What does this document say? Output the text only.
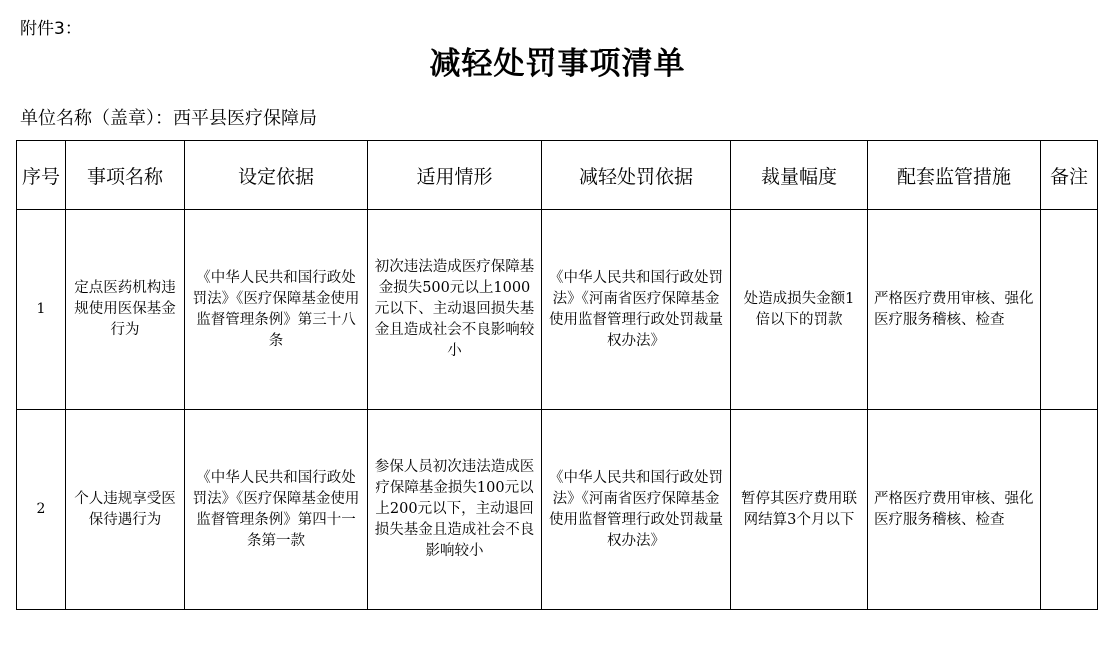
附件3：
减轻处罚事项清单
单位名称（盖章）：西平县医疗保障局
序号	事项名称	设定依据	适用情形	减轻处罚依据	裁量幅度	配套监管措施	备注
1	定点医药机构违规使用医保基金行为	《中华人民共和国行政处罚法》《医疗保障基金使用监督管理条例》第三十八条	初次违法造成医疗保障基金损失500元以上1000元以下、主动退回损失基金且造成社会不良影响较小	《中华人民共和国行政处罚法》《河南省医疗保障基金使用监督管理行政处罚裁量权办法》	处造成损失金额1倍以下的罚款	严格医疗费用审核、强化医疗服务稽核、检查	
2	个人违规享受医保待遇行为	《中华人民共和国行政处罚法》《医疗保障基金使用监督管理条例》第四十一条第一款	参保人员初次违法造成医疗保障基金损失100元以上200元以下，主动退回损失基金且造成社会不良影响较小	《中华人民共和国行政处罚法》《河南省医疗保障基金使用监督管理行政处罚裁量权办法》	暂停其医疗费用联网结算3个月以下	严格医疗费用审核、强化医疗服务稽核、检查	
